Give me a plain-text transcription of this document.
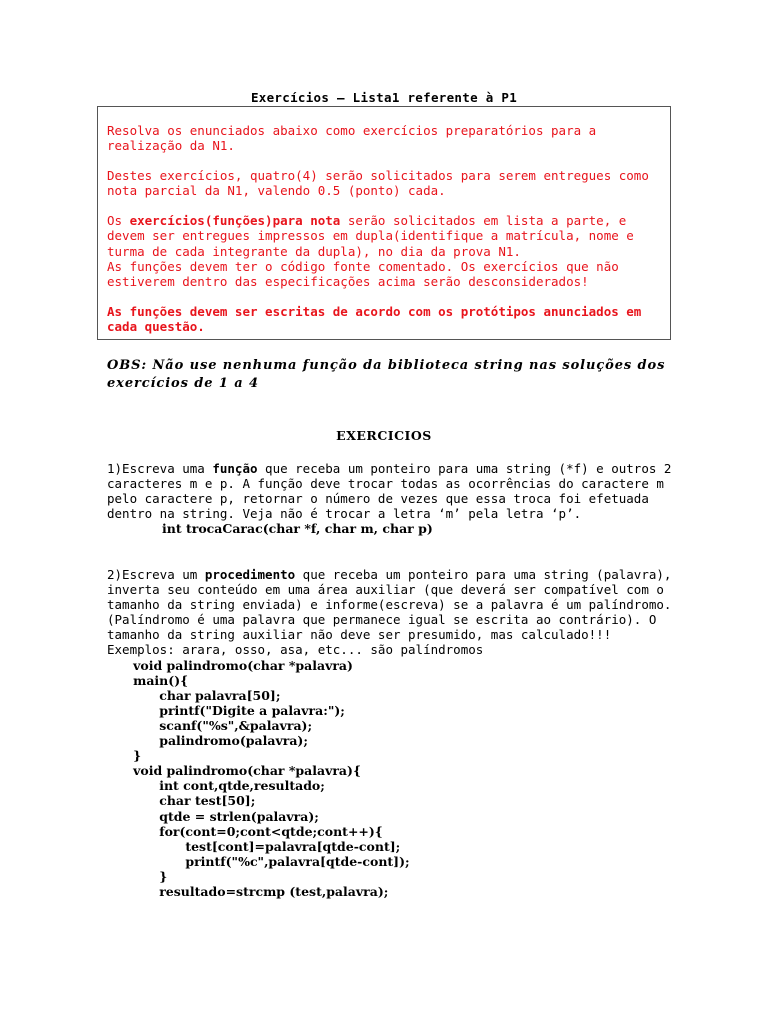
Exercícios – Lista1 referente à P1

Resolva os enunciados abaixo como exercícios preparatórios para a realização da N1.

Destes exercícios, quatro(4) serão solicitados para serem entregues como nota parcial da N1, valendo 0.5 (ponto) cada.

Os exercícios(funções)para nota serão solicitados em lista a parte, e devem ser entregues impressos em dupla(identifique a matrícula, nome e turma de cada integrante da dupla), no dia da prova N1.

As funções devem ter o código fonte comentado. Os exercícios que não estiverem dentro das especificações acima serão desconsiderados!

As funções devem ser escritas de acordo com os protótipos anunciados em cada questão.

OBS: Não use nenhuma função da biblioteca string nas soluções dos exercícios de 1 a 4
EXERCICIOS
1)Escreva uma função que receba um ponteiro para uma string (*f) e outros 2 caracteres m e p. A função deve trocar todas as ocorrências do caractere m pelo caractere p, retornar o número de vezes que essa troca foi efetuada dentro na string. Veja não é trocar a letra ‘m’ pela letra ‘p’.
int trocaCarac(char *f, char m, char p)
2)Escreva um procedimento que receba um ponteiro para uma string (palavra), inverta seu conteúdo em uma área auxiliar (que deverá ser compatível com o tamanho da string enviada) e informe(escreva) se a palavra é um palíndromo. (Palíndromo é uma palavra que permanece igual se escrita ao contrário). O tamanho da string auxiliar não deve ser presumido, mas calculado!!!
Exemplos: arara, osso, asa, etc... são palíndromos
void palindromo(char *palavra)
main(){
char palavra[50];
printf("Digite a palavra:");
scanf("%s",&palavra);
palindromo(palavra);
}
void palindromo(char *palavra){
int cont,qtde,resultado;
char test[50];
qtde = strlen(palavra);
for(cont=0;cont<qtde;cont++){
test[cont]=palavra[qtde-cont];
printf("%c",palavra[qtde-cont]);
}
resultado=strcmp (test,palavra);
